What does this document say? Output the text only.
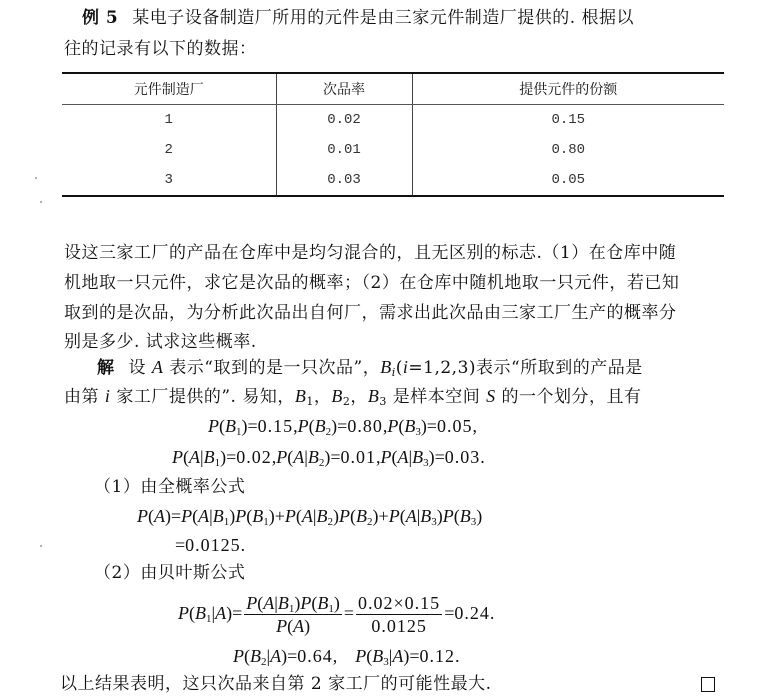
例 5 某电子设备制造厂所用的元件是由三家元件制造厂提供的. 根据以
往的记录有以下的数据：
元件制造厂	次品率	提供元件的份额
1	0.02	0.15
2	0.01	0.80
3	0.03	0.05
设这三家工厂的产品在仓库中是均匀混合的，且无区别的标志.（1）在仓库中随
机地取一只元件，求它是次品的概率；（2）在仓库中随机地取一只元件，若已知
取到的是次品，为分析此次品出自何厂，需求出此次品由三家工厂生产的概率分
别是多少. 试求这些概率.
解 设 A 表示“取到的是一只次品”，$B_i(i=1,2,3)$表示“所取到的产品是
由第 i 家工厂提供的”. 易知，$B_1$，$B_2$，$B_3$ 是样本空间 S 的一个划分，且有
$P(B_1)=0.15,P(B_2)=0.80,P(B_3)=0.05$,
$P(A|B_1)=0.02,P(A|B_2)=0.01,P(A|B_3)=0.03$.
（1）由全概率公式
$P(A)=P(A|B_1)P(B_1)+P(A|B_2)P(B_2)+P(A|B_3)P(B_3)$
=0.0125.
（2）由贝叶斯公式
$P(B_1|A)= \frac{P(A|B_1)P(B_1)}{P(A)} = \frac{0.02\times 0.15}{0.0125} =0.24$.
$P(B_2|A)=0.64$,    $P(B_3|A)=0.12$.
以上结果表明，这只次品来自第 2 家工厂的可能性最大.
